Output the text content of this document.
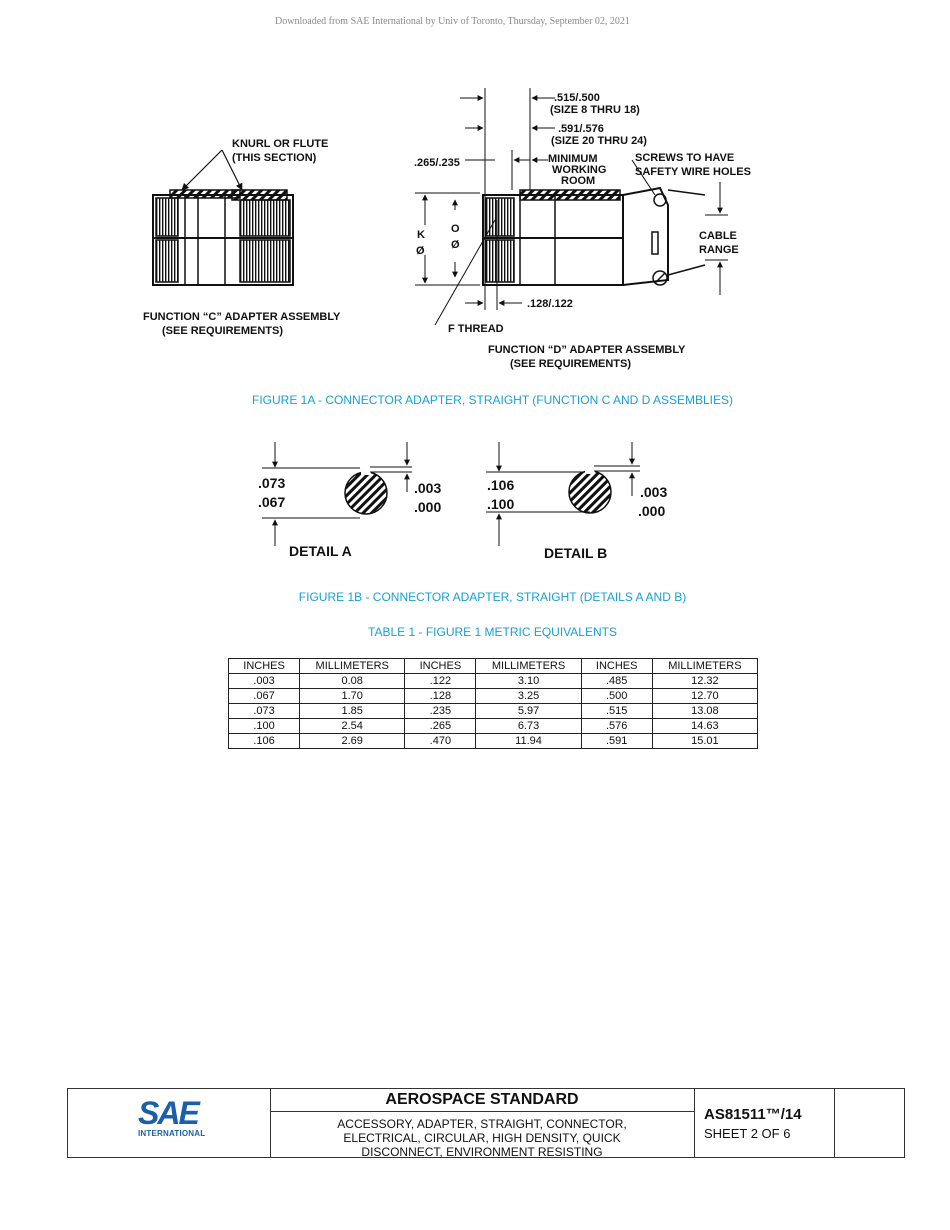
Downloaded from SAE International by Univ of Toronto, Thursday, September 02, 2021
KNURL OR FLUTE
(THIS SECTION)
FUNCTION “C” ADAPTER ASSEMBLY
(SEE REQUIREMENTS)
.515/.500
(SIZE 8 THRU 18)
.591/.576
(SIZE 20 THRU 24)
.265/.235	MINIMUM
WORKING
ROOM
SCREWS TO HAVE
SAFETY WIRE HOLES
K
Ø
O
Ø
CABLE
RANGE
.128/.122
F THREAD
FUNCTION “D” ADAPTER ASSEMBLY
(SEE REQUIREMENTS)
.073
.067
.003
.000
DETAIL A
.106
.100
.003
.000
DETAIL B
FIGURE 1A - CONNECTOR ADAPTER, STRAIGHT (FUNCTION C AND D ASSEMBLIES)
FIGURE 1B - CONNECTOR ADAPTER, STRAIGHT (DETAILS A AND B)
TABLE 1 - FIGURE 1 METRIC EQUIVALENTS
INCHES	MILLIMETERS	INCHES	MILLIMETERS	INCHES	MILLIMETERS
.003	0.08	.122	3.10	.485	12.32
.067	1.70	.128	3.25	.500	12.70
.073	1.85	.235	5.97	.515	13.08
.100	2.54	.265	6.73	.576	14.63
.106	2.69	.470	11.94	.591	15.01
SAE
INTERNATIONAL
AEROSPACE STANDARD
ACCESSORY, ADAPTER, STRAIGHT, CONNECTOR,
ELECTRICAL, CIRCULAR, HIGH DENSITY, QUICK
DISCONNECT, ENVIRONMENT RESISTING
AS81511™/14
SHEET 2 OF 6
